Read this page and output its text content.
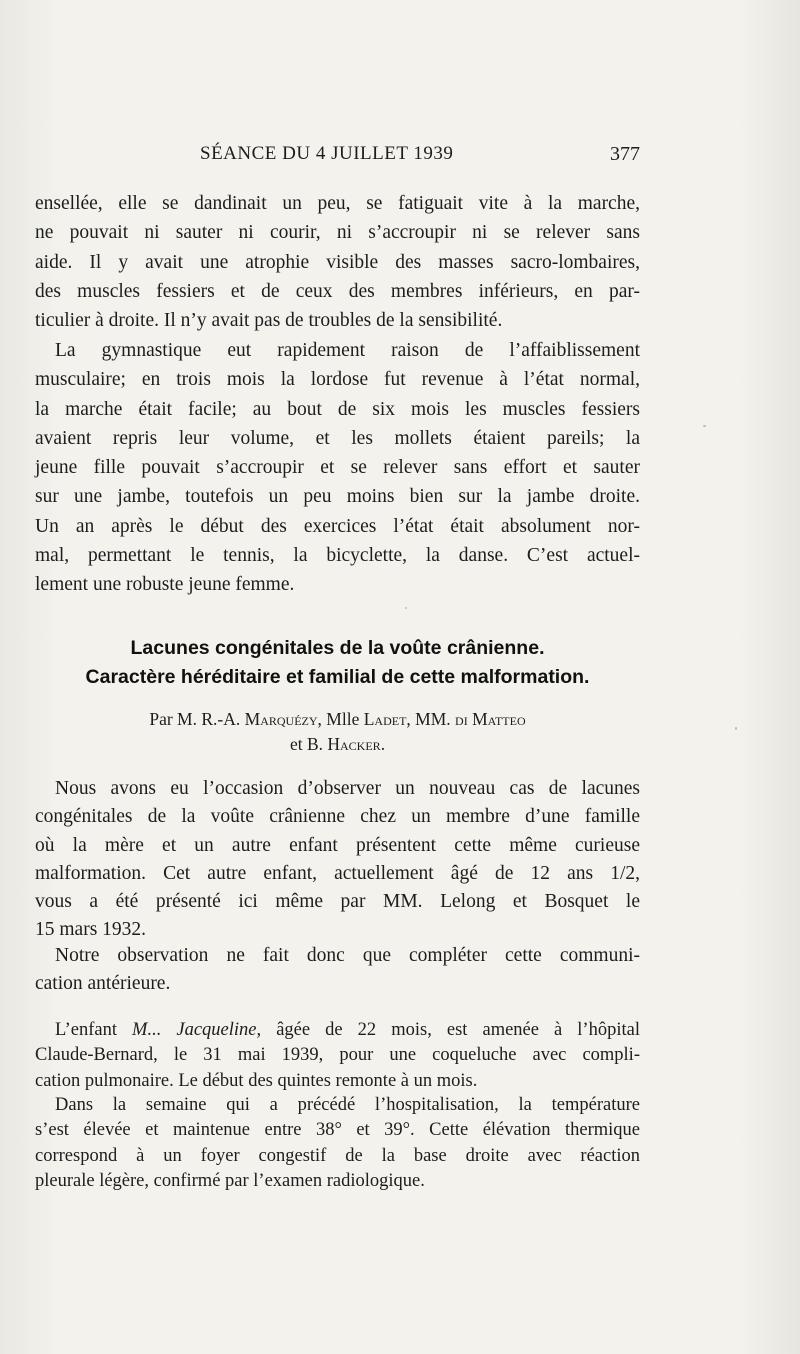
SÉANCE DU 4 JUILLET 1939	377
ensellée, elle se dandinait un peu, se fatiguait vite à la marche,
ne pouvait ni sauter ni courir, ni s’accroupir ni se relever sans
aide. Il y avait une atrophie visible des masses sacro-lombaires,
des muscles fessiers et de ceux des membres inférieurs, en par-
ticulier à droite. Il n’y avait pas de troubles de la sensibilité.
La gymnastique eut rapidement raison de l’affaiblissement
musculaire; en trois mois la lordose fut revenue à l’état normal,
la marche était facile; au bout de six mois les muscles fessiers
avaient repris leur volume, et les mollets étaient pareils; la
jeune fille pouvait s’accroupir et se relever sans effort et sauter
sur une jambe, toutefois un peu moins bien sur la jambe droite.
Un an après le début des exercices l’état était absolument nor-
mal, permettant le tennis, la bicyclette, la danse. C’est actuel-
lement une robuste jeune femme.
Lacunes congénitales de la voûte crânienne.
Caractère héréditaire et familial de cette malformation.
Par M. R.-A. Marquézy, Mlle Ladet, MM. di Matteo
et B. Hacker.
Nous avons eu l’occasion d’observer un nouveau cas de lacunes
congénitales de la voûte crânienne chez un membre d’une famille
où la mère et un autre enfant présentent cette même curieuse
malformation. Cet autre enfant, actuellement âgé de 12 ans 1/2,
vous a été présenté ici même par MM. Lelong et Bosquet le
15 mars 1932.
Notre observation ne fait donc que compléter cette communi-
cation antérieure.
L’enfant M... Jacqueline, âgée de 22 mois, est amenée à l’hôpital
Claude-Bernard, le 31 mai 1939, pour une coqueluche avec compli-
cation pulmonaire. Le début des quintes remonte à un mois.
Dans la semaine qui a précédé l’hospitalisation, la température
s’est élevée et maintenue entre 38° et 39°. Cette élévation thermique
correspond à un foyer congestif de la base droite avec réaction
pleurale légère, confirmé par l’examen radiologique.
